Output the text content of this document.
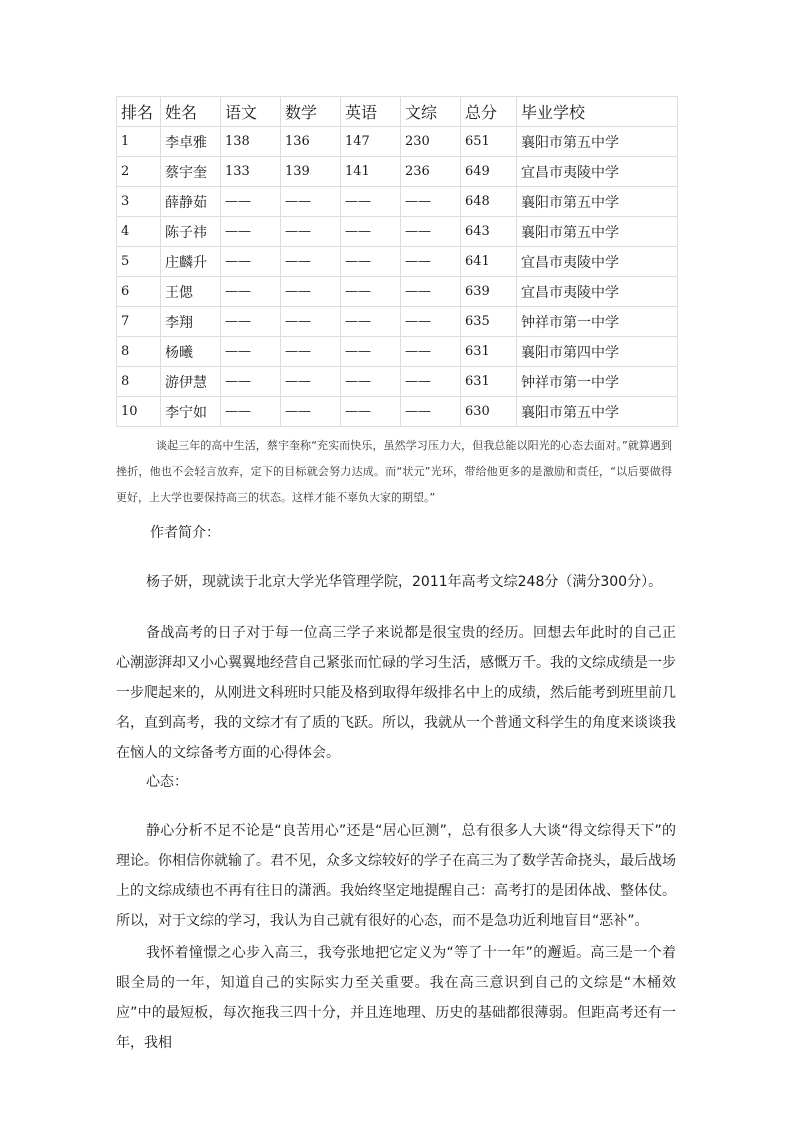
排名	姓名	语文	数学	英语	文综	总分	毕业学校
1	李卓雅	138	136	147	230	651	襄阳市第五中学
2	蔡宇奎	133	139	141	236	649	宜昌市夷陵中学
3	薛静茹	——	——	——	——	648	襄阳市第五中学
4	陈子祎	——	——	——	——	643	襄阳市第五中学
5	庄麟升	——	——	——	——	641	宜昌市夷陵中学
6	王偲	——	——	——	——	639	宜昌市夷陵中学
7	李翔	——	——	——	——	635	钟祥市第一中学
8	杨曦	——	——	——	——	631	襄阳市第四中学
8	游伊慧	——	——	——	——	631	钟祥市第一中学
10	李宁如	——	——	——	——	630	襄阳市第五中学
谈起三年的高中生活，蔡宇奎称“充实而快乐，虽然学习压力大，但我总能以阳光的心态去面对。”就算遇到挫折，他也不会轻言放弃，定下的目标就会努力达成。而“状元”光环，带给他更多的是激励和责任，“以后要做得更好，上大学也要保持高三的状态。这样才能不辜负大家的期望。”
作者简介：
杨子妍，现就读于北京大学光华管理学院，2011年高考文综248分（满分300分）。
备战高考的日子对于每一位高三学子来说都是很宝贵的经历。回想去年此时的自己正心潮澎湃却又小心翼翼地经营自己紧张而忙碌的学习生活，感慨万千。我的文综成绩是一步一步爬起来的，从刚进文科班时只能及格到取得年级排名中上的成绩，然后能考到班里前几名，直到高考，我的文综才有了质的飞跃。所以，我就从一个普通文科学生的角度来谈谈我在恼人的文综备考方面的心得体会。
心态：
静心分析不足不论是“良苦用心”还是“居心叵测”，总有很多人大谈“得文综得天下”的理论。你相信你就输了。君不见，众多文综较好的学子在高三为了数学苦命挠头，最后战场上的文综成绩也不再有往日的潇洒。我始终坚定地提醒自己：高考打的是团体战、整体仗。所以，对于文综的学习，我认为自己就有很好的心态，而不是急功近利地盲目“恶补”。
我怀着憧憬之心步入高三，我夸张地把它定义为“等了十一年”的邂逅。高三是一个着眼全局的一年，知道自己的实际实力至关重要。我在高三意识到自己的文综是“木桶效应”中的最短板，每次拖我三四十分，并且连地理、历史的基础都很薄弱。但距高考还有一年，我相
